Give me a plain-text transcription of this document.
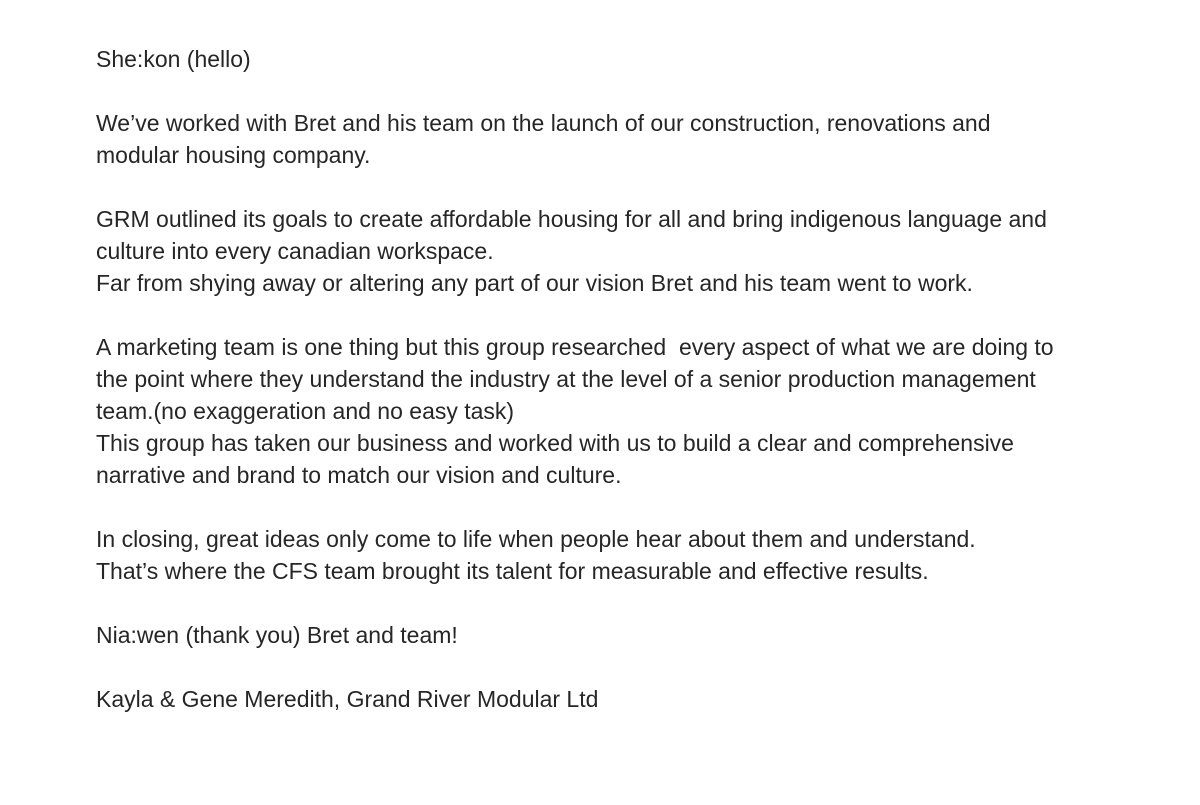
She:kon (hello)

We’ve worked with Bret and his team on the launch of our construction, renovations and
modular housing company.

GRM outlined its goals to create affordable housing for all and bring indigenous language and
culture into every canadian workspace.
Far from shying away or altering any part of our vision Bret and his team went to work.

A marketing team is one thing but this group researched  every aspect of what we are doing to
the point where they understand the industry at the level of a senior production management
team.(no exaggeration and no easy task)
This group has taken our business and worked with us to build a clear and comprehensive
narrative and brand to match our vision and culture.

In closing, great ideas only come to life when people hear about them and understand.
That’s where the CFS team brought its talent for measurable and effective results.

Nia:wen (thank you) Bret and team!

Kayla & Gene Meredith, Grand River Modular Ltd
